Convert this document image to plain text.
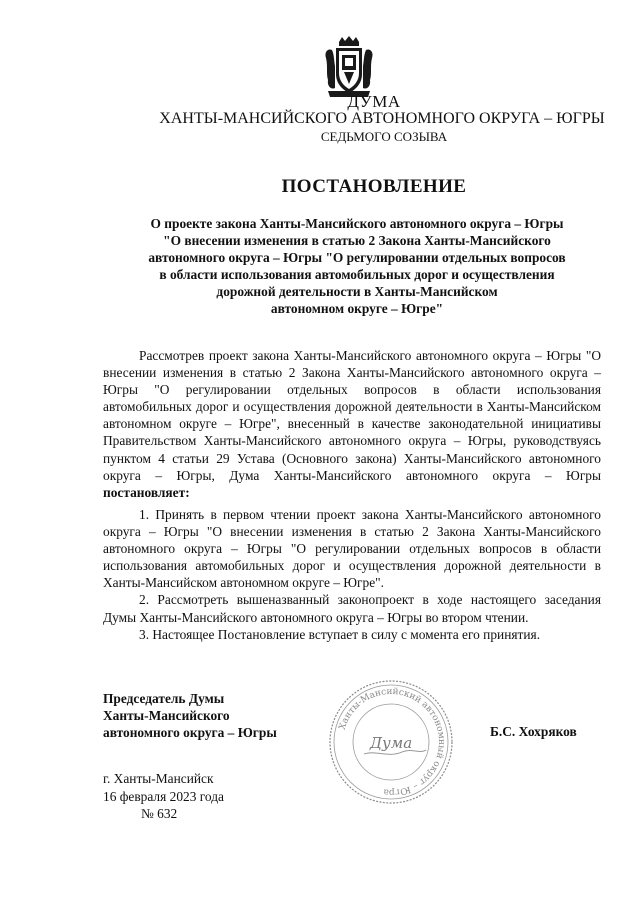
ДУМА
ХАНТЫ-МАНСИЙСКОГО АВТОНОМНОГО ОКРУГА – ЮГРЫ
СЕДЬМОГО СОЗЫВА
ПОСТАНОВЛЕНИЕ
О проекте закона Ханты-Мансийского автономного округа – Югры
"О внесении изменения в статью 2 Закона Ханты-Мансийского
автономного округа – Югры "О регулировании отдельных вопросов
в области использования автомобильных дорог и осуществления
дорожной деятельности в Ханты-Мансийском
автономном округе – Югре"

Рассмотрев проект закона Ханты-Мансийского автономного округа – Югры "О внесении изменения в статью 2 Закона Ханты-Мансийского автономного округа – Югры "О регулировании отдельных вопросов в области использования автомобильных дорог и осуществления дорожной деятельности в Ханты-Мансийском автономном округе – Югре", внесенный в качестве законодательной инициативы Правительством Ханты-Мансийского автономного округа – Югры, руководствуясь пунктом 4 статьи 29 Устава (Основного закона) Ханты-Мансийского автономного округа – Югры, Дума Ханты-Мансийского автономного округа – Югры постановляет:

1. Принять в первом чтении проект закона Ханты-Мансийского автономного округа – Югры "О внесении изменения в статью 2 Закона Ханты-Мансийского автономного округа – Югры "О регулировании отдельных вопросов в области использования автомобильных дорог и осуществления дорожной деятельности в Ханты-Мансийском автономном округе – Югре".

2. Рассмотреть вышеназванный законопроект в ходе настоящего заседания Думы Ханты-Мансийского автономного округа – Югры во втором чтении.

3. Настоящее Постановление вступает в силу с момента его принятия.

Председатель Думы
Ханты-Мансийского
автономного округа – Югры	Ханты-Мансийский автономный округ – Югра
Дума
Б.С. Хохряков
г. Ханты-Мансийск
16 февраля 2023 года
№ 632
